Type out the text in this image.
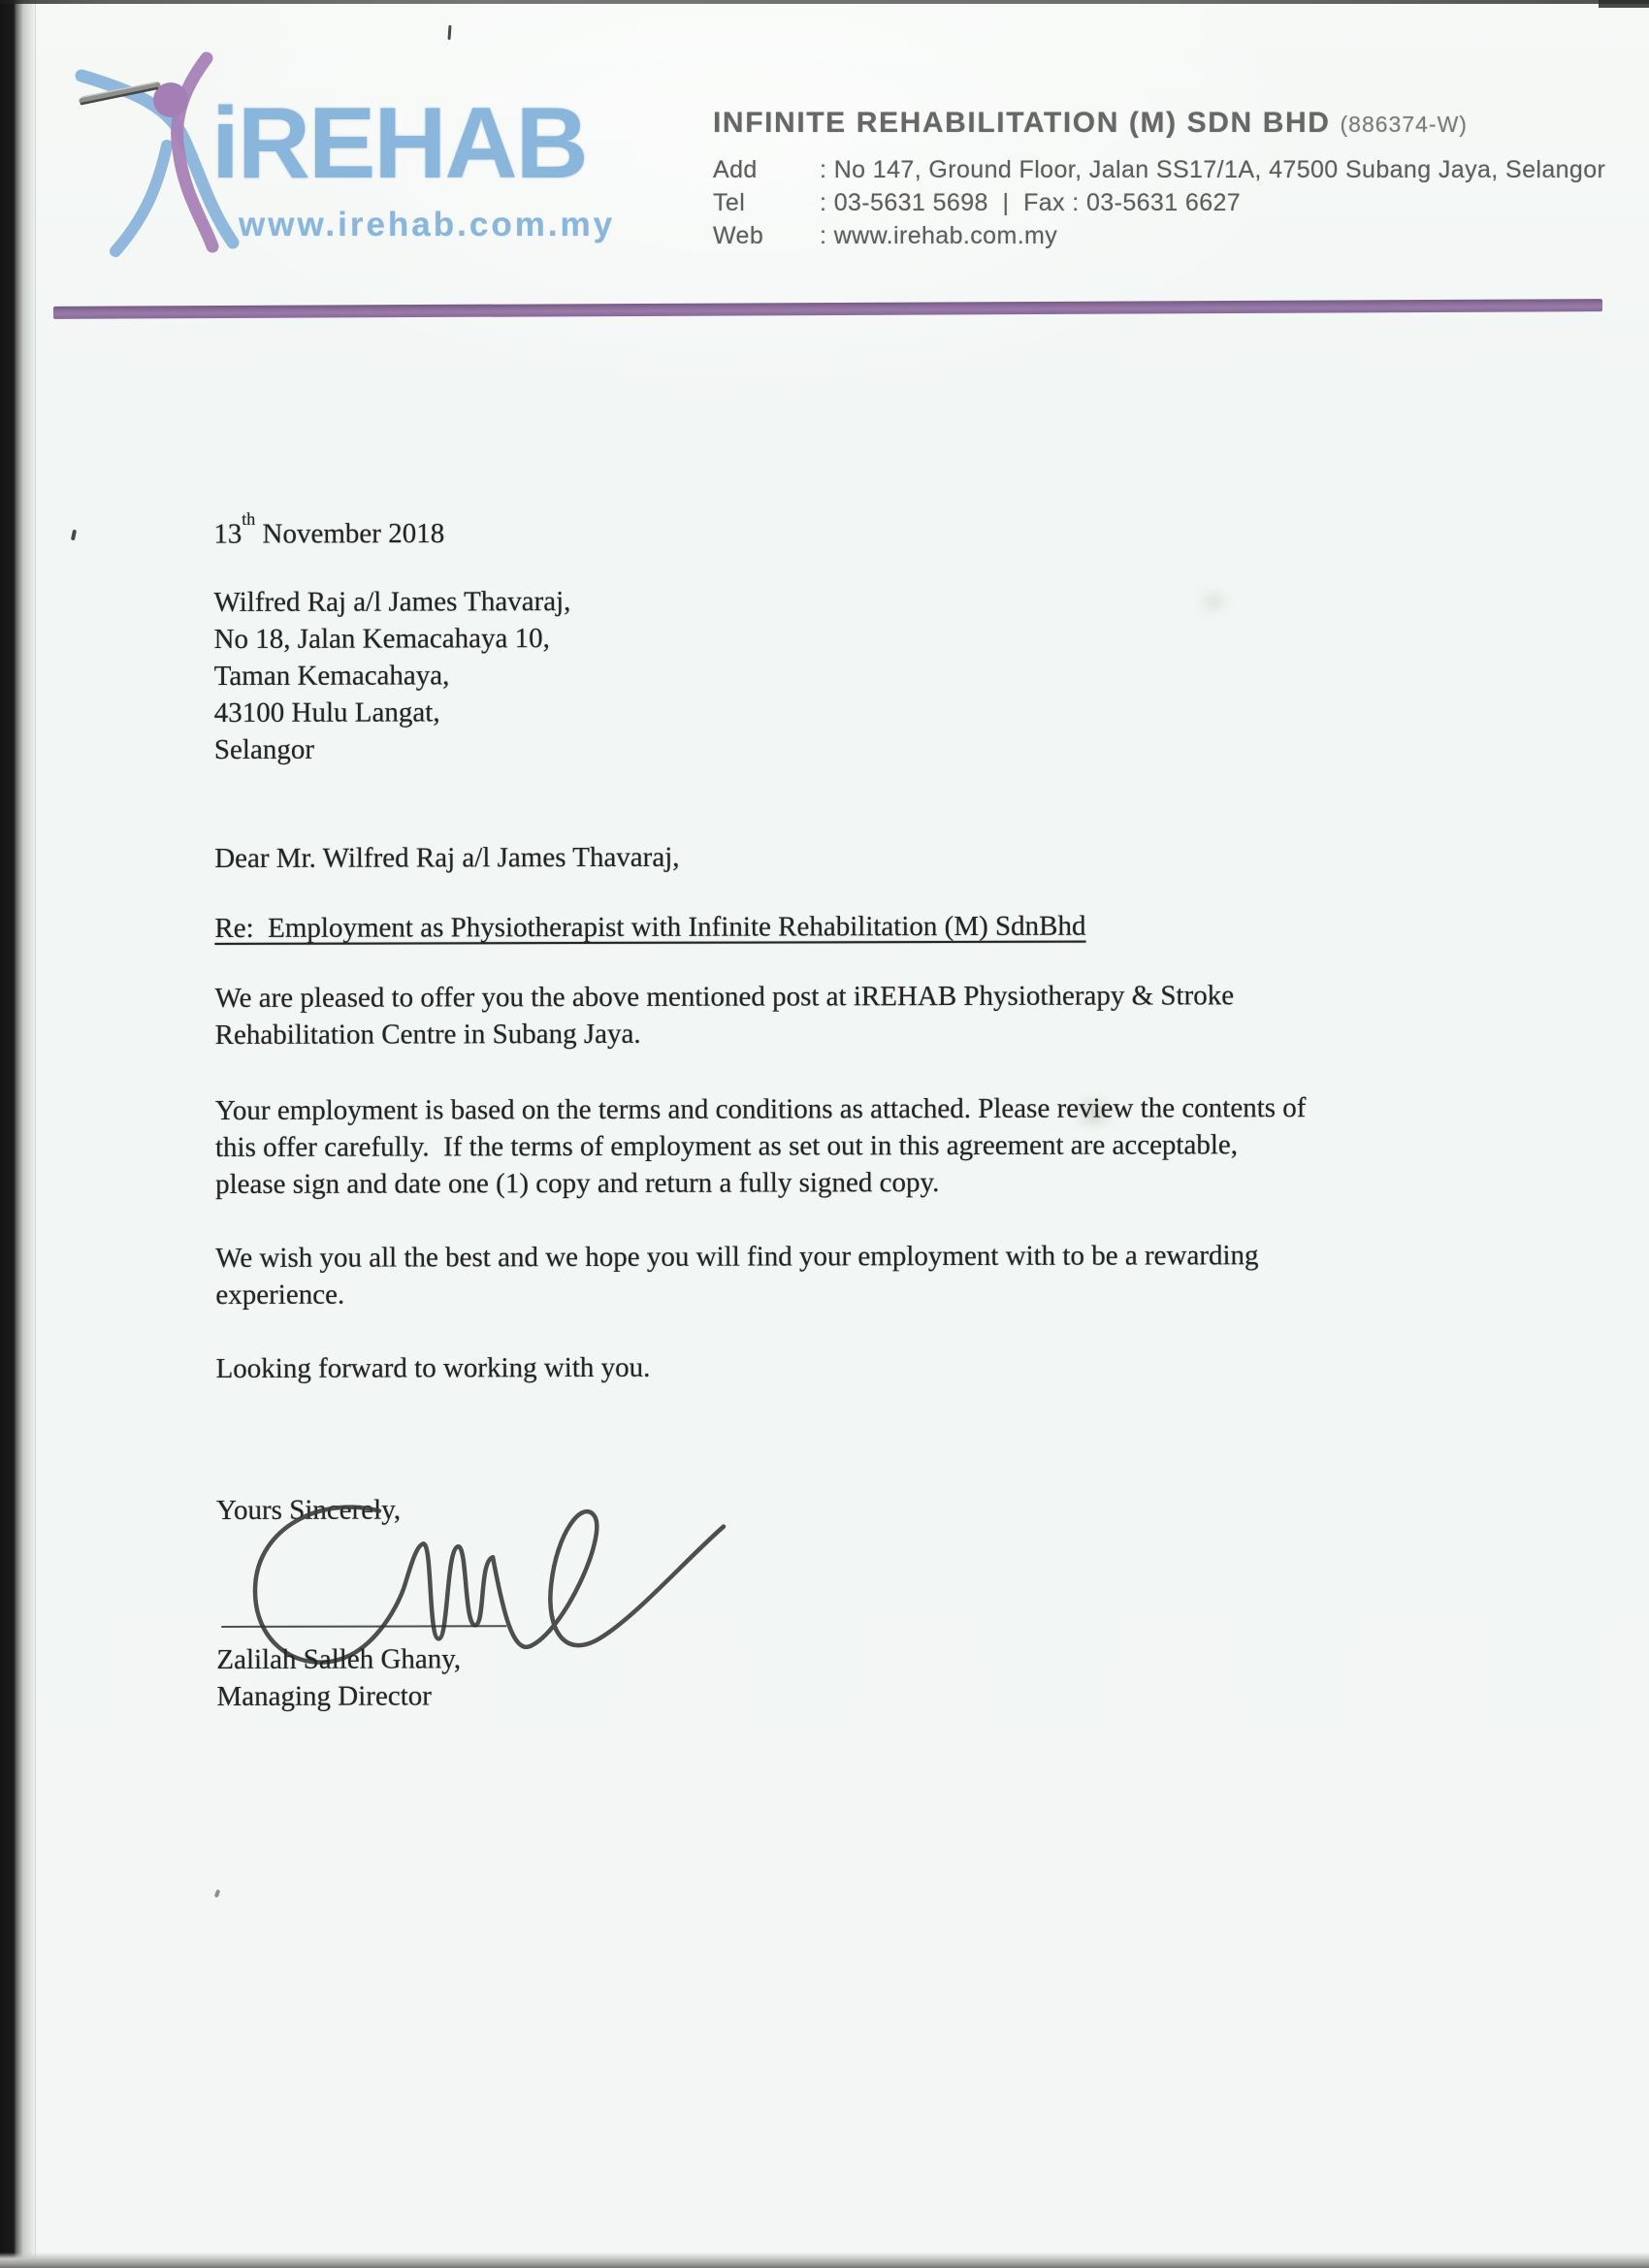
iREHAB
www.irehab.com.my
INFINITE REHABILITATION (M) SDN BHD (886374-W)
Add	: No 147, Ground Floor, Jalan SS17/1A, 47500 Subang Jaya, Selangor
Tel	: 03-5631 5698  |  Fax : 03-5631 6627
Web	: www.irehab.com.my
13th November 2018
Wilfred Raj a/l James Thavaraj,
No 18, Jalan Kemacahaya 10,
Taman Kemacahaya,
43100 Hulu Langat,
Selangor
Dear Mr. Wilfred Raj a/l James Thavaraj,
Re:  Employment as Physiotherapist with Infinite Rehabilitation (M) SdnBhd
We are pleased to offer you the above mentioned post at iREHAB Physiotherapy & Stroke
Rehabilitation Centre in Subang Jaya.
Your employment is based on the terms and conditions as attached. Please review the contents of
this offer carefully.  If the terms of employment as set out in this agreement are acceptable,
please sign and date one (1) copy and return a fully signed copy.
We wish you all the best and we hope you will find your employment with to be a rewarding
experience.
Looking forward to working with you.
Yours Sincerely,
Zalilah Salleh Ghany,
Managing Director
